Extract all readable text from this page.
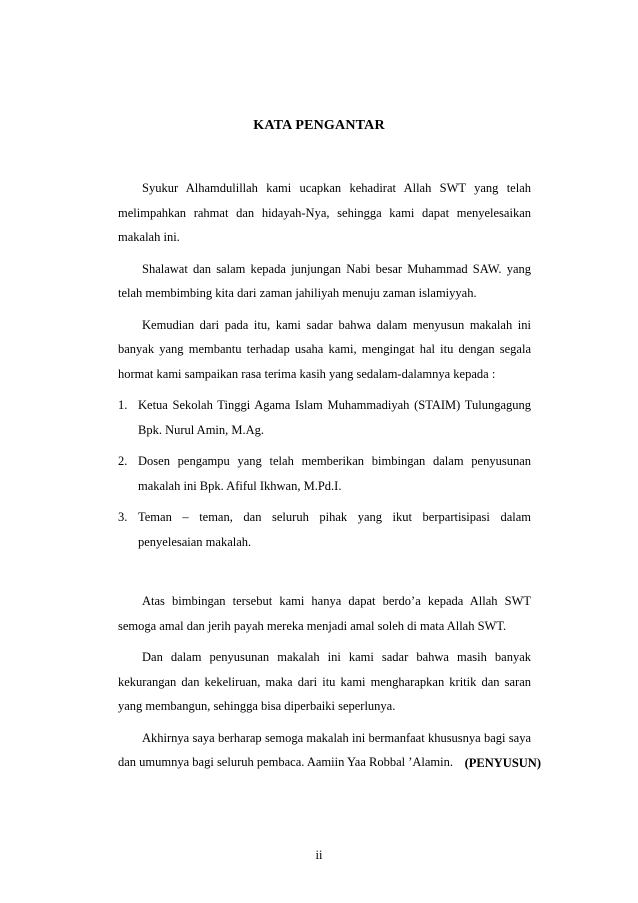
KATA PENGANTAR

Syukur Alhamdulillah kami ucapkan kehadirat Allah SWT yang telah melimpahkan rahmat dan hidayah-Nya, sehingga kami dapat menyelesaikan makalah ini.

Shalawat dan salam kepada junjungan Nabi besar Muhammad SAW. yang telah membimbing kita dari zaman jahiliyah menuju zaman islamiyyah.

Kemudian dari pada itu, kami sadar bahwa dalam menyusun makalah ini banyak yang membantu terhadap usaha kami, mengingat hal itu dengan segala hormat kami sampaikan rasa terima kasih yang sedalam-dalamnya kepada :

1. Ketua Sekolah Tinggi Agama Islam Muhammadiyah (STAIM) Tulungagung Bpk. Nurul Amin, M.Ag.
2. Dosen pengampu yang telah memberikan bimbingan dalam penyusunan makalah ini Bpk. Afiful Ikhwan, M.Pd.I.
3. Teman – teman, dan seluruh pihak yang ikut berpartisipasi dalam penyelesaian makalah.

Atas bimbingan tersebut kami hanya dapat berdo’a kepada Allah SWT semoga amal dan jerih payah mereka menjadi amal soleh di mata Allah SWT.

Dan dalam penyusunan makalah ini kami sadar bahwa masih banyak kekurangan dan kekeliruan, maka dari itu kami mengharapkan kritik dan saran yang membangun, sehingga bisa diperbaiki seperlunya.

Akhirnya saya berharap semoga makalah ini bermanfaat khususnya bagi saya dan umumnya bagi seluruh pembaca. Aamiin Yaa Robbal ’Alamin. (PENYUSUN)
ii
